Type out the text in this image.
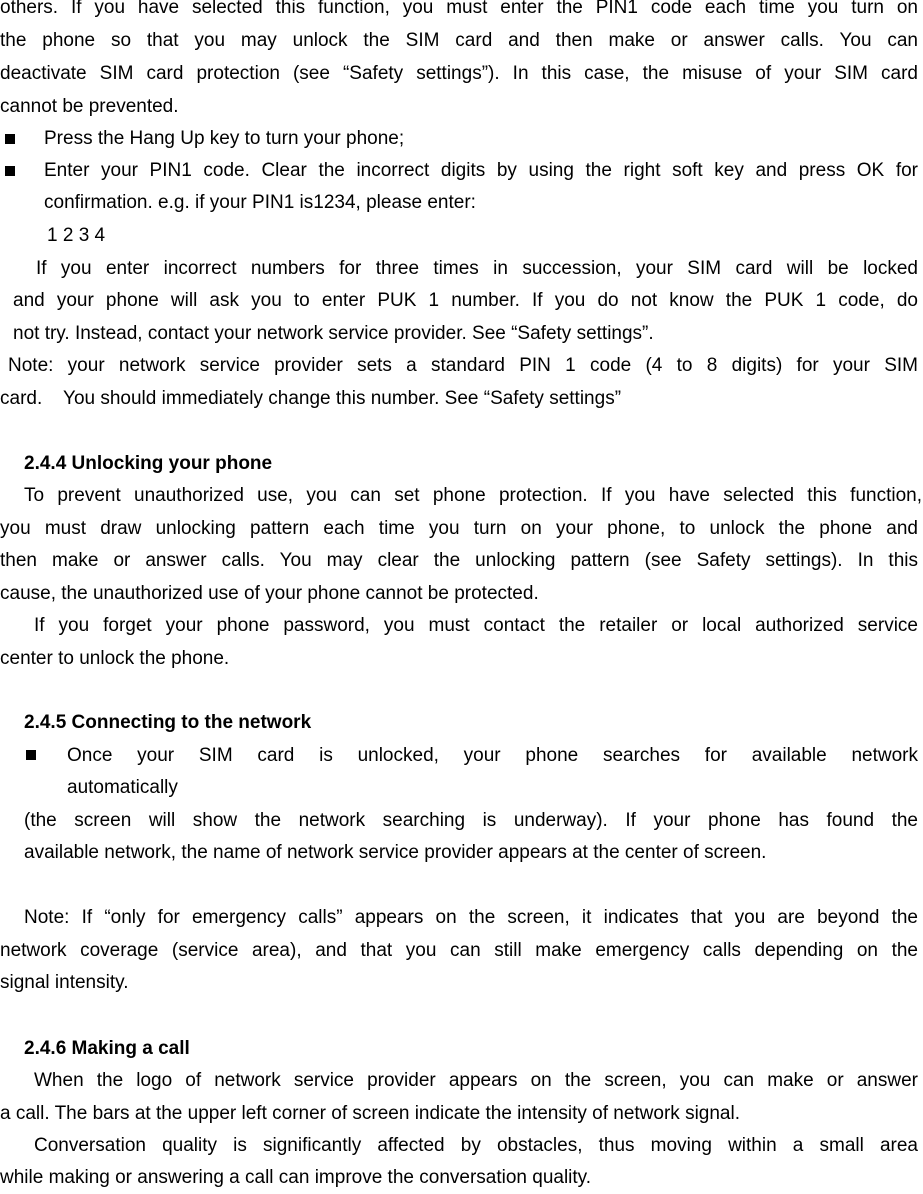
others. If you have selected this function, you must enter the PIN1 code each time you turn on
the phone so that you may unlock the SIM card and then make or answer calls. You can
deactivate SIM card protection (see “Safety settings”). In this case, the misuse of your SIM card
cannot be prevented.
Press the Hang Up key to turn your phone;
Enter your PIN1 code. Clear the incorrect digits by using the right soft key and press OK for
confirmation. e.g. if your PIN1 is1234, please enter:
1 2 3 4
If you enter incorrect numbers for three times in succession, your SIM card will be locked
and your phone will ask you to enter PUK 1 number. If you do not know the PUK 1 code, do
not try. Instead, contact your network service provider. See “Safety settings”.
Note: your network service provider sets a standard PIN 1 code (4 to 8 digits) for your SIM
card.    You should immediately change this number. See “Safety settings”
2.4.4 Unlocking your phone
To prevent unauthorized use, you can set phone protection. If you have selected this function,
you must draw unlocking pattern each time you turn on your phone, to unlock the phone and
then make or answer calls. You may clear the unlocking pattern (see Safety settings). In this
cause, the unauthorized use of your phone cannot be protected.
If you forget your phone password, you must contact the retailer or local authorized service
center to unlock the phone.
2.4.5 Connecting to the network
Once your SIM card is unlocked, your phone searches for available network
automatically
(the screen will show the network searching is underway). If your phone has found the
available network, the name of network service provider appears at the center of screen.
Note: If “only for emergency calls” appears on the screen, it indicates that you are beyond the
network coverage (service area), and that you can still make emergency calls depending on the
signal intensity.
2.4.6 Making a call
When the logo of network service provider appears on the screen, you can make or answer
a call. The bars at the upper left corner of screen indicate the intensity of network signal.
Conversation quality is significantly affected by obstacles, thus moving within a small area
while making or answering a call can improve the conversation quality.
